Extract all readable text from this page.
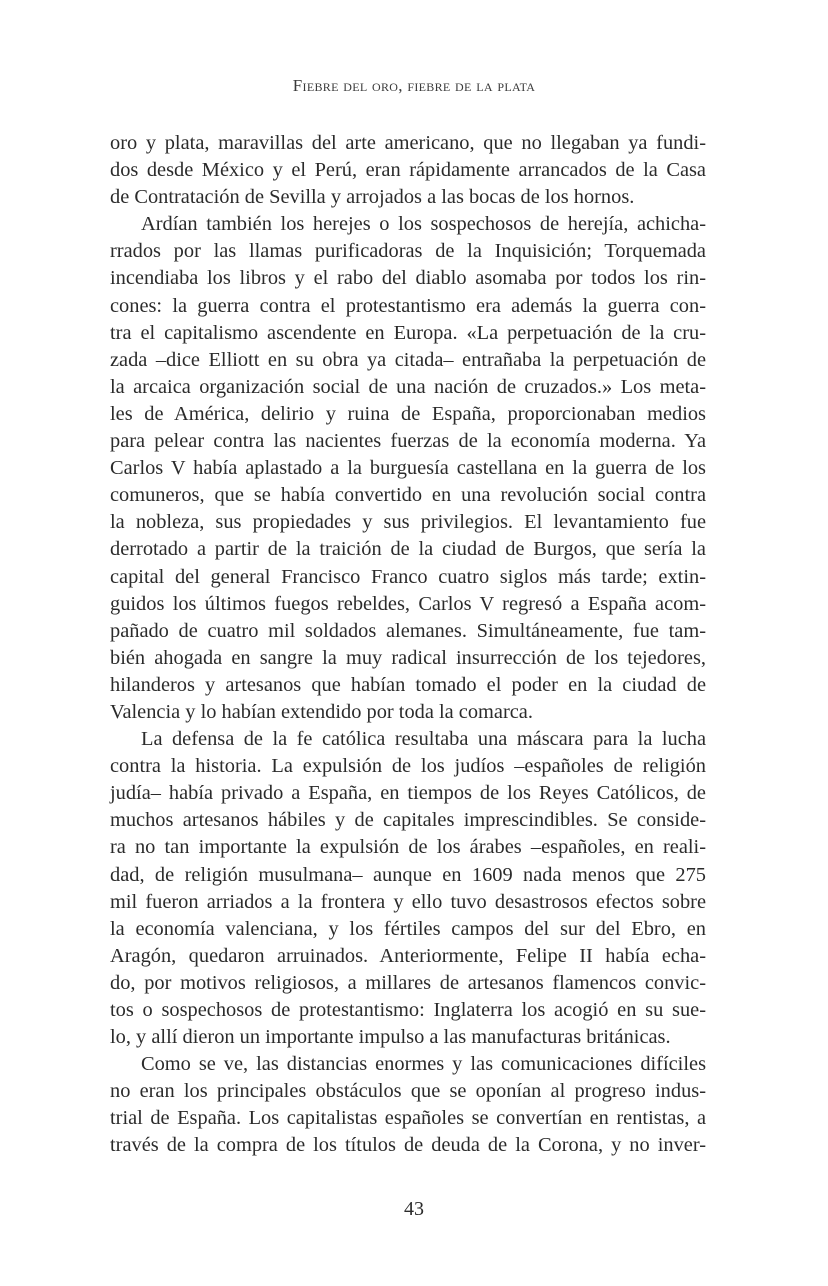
Fiebre del oro, fiebre de la plata
oro y plata, maravillas del arte americano, que no llegaban ya fundi-
dos desde México y el Perú, eran rápidamente arrancados de la Casa
de Contratación de Sevilla y arrojados a las bocas de los hornos.
Ardían también los herejes o los sospechosos de herejía, achicha-
rrados por las llamas purificadoras de la Inquisición; Torquemada
incendiaba los libros y el rabo del diablo asomaba por todos los rin-
cones: la guerra contra el protestantismo era además la guerra con-
tra el capitalismo ascendente en Europa. «La perpetuación de la cru-
zada –dice Elliott en su obra ya citada– entrañaba la perpetuación de
la arcaica organización social de una nación de cruzados.» Los meta-
les de América, delirio y ruina de España, proporcionaban medios
para pelear contra las nacientes fuerzas de la economía moderna. Ya
Carlos V había aplastado a la burguesía castellana en la guerra de los
comuneros, que se había convertido en una revolución social contra
la nobleza, sus propiedades y sus privilegios. El levantamiento fue
derrotado a partir de la traición de la ciudad de Burgos, que sería la
capital del general Francisco Franco cuatro siglos más tarde; extin-
guidos los últimos fuegos rebeldes, Carlos V regresó a España acom-
pañado de cuatro mil soldados alemanes. Simultáneamente, fue tam-
bién ahogada en sangre la muy radical insurrección de los tejedores,
hilanderos y artesanos que habían tomado el poder en la ciudad de
Valencia y lo habían extendido por toda la comarca.
La defensa de la fe católica resultaba una máscara para la lucha
contra la historia. La expulsión de los judíos –españoles de religión
judía– había privado a España, en tiempos de los Reyes Católicos, de
muchos artesanos hábiles y de capitales imprescindibles. Se conside-
ra no tan importante la expulsión de los árabes –españoles, en reali-
dad, de religión musulmana– aunque en 1609 nada menos que 275
mil fueron arriados a la frontera y ello tuvo desastrosos efectos sobre
la economía valenciana, y los fértiles campos del sur del Ebro, en
Aragón, quedaron arruinados. Anteriormente, Felipe II había echa-
do, por motivos religiosos, a millares de artesanos flamencos convic-
tos o sospechosos de protestantismo: Inglaterra los acogió en su sue-
lo, y allí dieron un importante impulso a las manufacturas británicas.
Como se ve, las distancias enormes y las comunicaciones difíciles
no eran los principales obstáculos que se oponían al progreso indus-
trial de España. Los capitalistas españoles se convertían en rentistas, a
través de la compra de los títulos de deuda de la Corona, y no inver-
43
